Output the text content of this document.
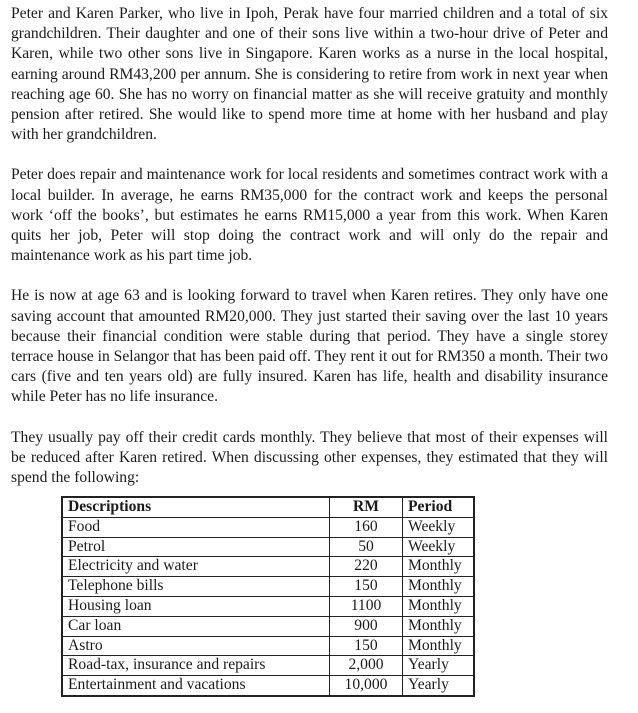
Peter and Karen Parker, who live in Ipoh, Perak have four married children and a total of six grandchildren. Their daughter and one of their sons live within a two-hour drive of Peter and Karen, while two other sons live in Singapore. Karen works as a nurse in the local hospital, earning around RM43,200 per annum. She is considering to retire from work in next year when reaching age 60. She has no worry on financial matter as she will receive gratuity and monthly pension after retired. She would like to spend more time at home with her husband and play with her grandchildren.

Peter does repair and maintenance work for local residents and sometimes contract work with a local builder. In average, he earns RM35,000 for the contract work and keeps the personal work ‘off the books’, but estimates he earns RM15,000 a year from this work. When Karen quits her job, Peter will stop doing the contract work and will only do the repair and maintenance work as his part time job.

He is now at age 63 and is looking forward to travel when Karen retires. They only have one saving account that amounted RM20,000. They just started their saving over the last 10 years because their financial condition were stable during that period. They have a single storey terrace house in Selangor that has been paid off. They rent it out for RM350 a month. Their two cars (five and ten years old) are fully insured. Karen has life, health and disability insurance while Peter has no life insurance.

They usually pay off their credit cards monthly. They believe that most of their expenses will be reduced after Karen retired. When discussing other expenses, they estimated that they will spend the following:

Descriptions	RM	Period
Food	160	Weekly
Petrol	50	Weekly
Electricity and water	220	Monthly
Telephone bills	150	Monthly
Housing loan	1100	Monthly
Car loan	900	Monthly
Astro	150	Monthly
Road-tax, insurance and repairs	2,000	Yearly
Entertainment and vacations	10,000	Yearly
